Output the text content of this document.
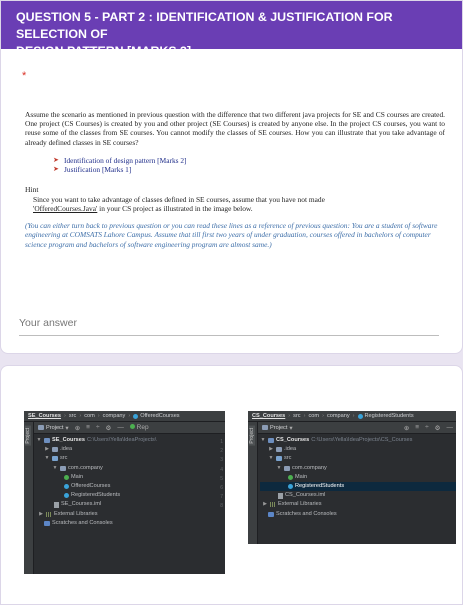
QUESTION 5 - PART 2 : IDENTIFICATION & JUSTIFICATION FOR SELECTION OF
DESIGN PATTERN [MARKS 3]
*

Assume the scenario as mentioned in previous question with the difference that two different java projects for SE and CS courses are created. One project (CS Courses) is created by you and other project (SE Courses) is created by anyone else. In the project CS courses, you want to reuse some of the classes from SE courses. You cannot modify the classes of SE courses. How you can illustrate that you take advantage of already defined classes in SE courses?

➤ Identification of design pattern [Marks 2]
➤ Justification [Marks 1]
Hint

Since you want to take advantage of classes defined in SE courses, assume that you have not made
'OfferedCourses.Java' in your CS project as illustrated in the image below.

(You can either turn back to previous question or you can read these lines as a reference of previous question: You are a student of software engineering at COMSATS Lahore Campus. Assume that till first two years of under graduation, courses offered in bachelors of computer science program and bachelors of software engineering program are almost same.)

Your answer
SE_Courses › src › com › company › OfferedCourses
Project
Project ▾ ⊕ ≡ ÷ ⚙ —	Rep
▼ SE_Courses C:\Users\Yella\IdeaProjects\
▶ .idea
▼ src
▼ com.company
Main
OfferedCourses
RegisteredStudents
SE_Courses.iml
▶ External Libraries
Scratches and Consoles
1
2
3
4
5
6
7
8
CS_Courses › src › com › company › RegisteredStudents
Project
Project ▾	⊕ ≡ ÷ ⚙ —
▼ CS_Courses C:\Users\Yella\IdeaProjects\CS_Courses
▶ .idea
▼ src
▼ com.company
Main
RegisteredStudents
CS_Courses.iml
▶ External Libraries
Scratches and Consoles
